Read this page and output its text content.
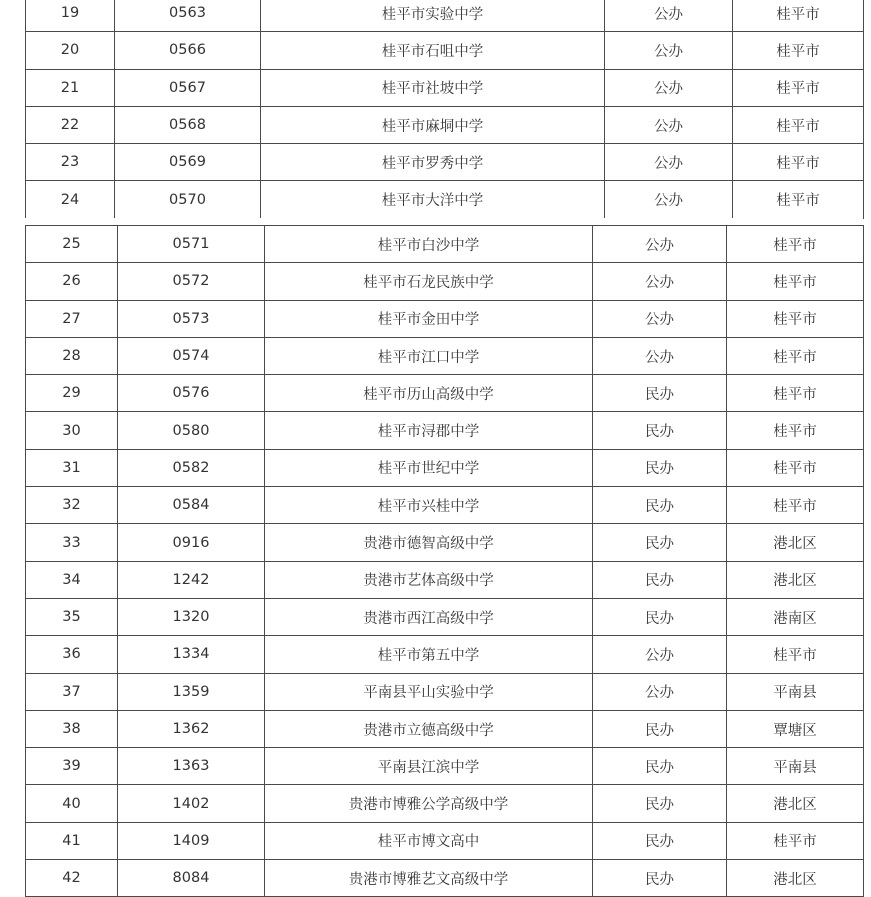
19	0563	桂平市实验中学	公办	桂平市
20	0566	桂平市石咀中学	公办	桂平市
21	0567	桂平市社坡中学	公办	桂平市
22	0568	桂平市麻垌中学	公办	桂平市
23	0569	桂平市罗秀中学	公办	桂平市
24	0570	桂平市大洋中学	公办	桂平市
25	0571	桂平市白沙中学	公办	桂平市
26	0572	桂平市石龙民族中学	公办	桂平市
27	0573	桂平市金田中学	公办	桂平市
28	0574	桂平市江口中学	公办	桂平市
29	0576	桂平市历山高级中学	民办	桂平市
30	0580	桂平市浔郡中学	民办	桂平市
31	0582	桂平市世纪中学	民办	桂平市
32	0584	桂平市兴桂中学	民办	桂平市
33	0916	贵港市德智高级中学	民办	港北区
34	1242	贵港市艺体高级中学	民办	港北区
35	1320	贵港市西江高级中学	民办	港南区
36	1334	桂平市第五中学	公办	桂平市
37	1359	平南县平山实验中学	公办	平南县
38	1362	贵港市立德高级中学	民办	覃塘区
39	1363	平南县江滨中学	民办	平南县
40	1402	贵港市博雅公学高级中学	民办	港北区
41	1409	桂平市博文高中	民办	桂平市
42	8084	贵港市博雅艺文高级中学	民办	港北区
